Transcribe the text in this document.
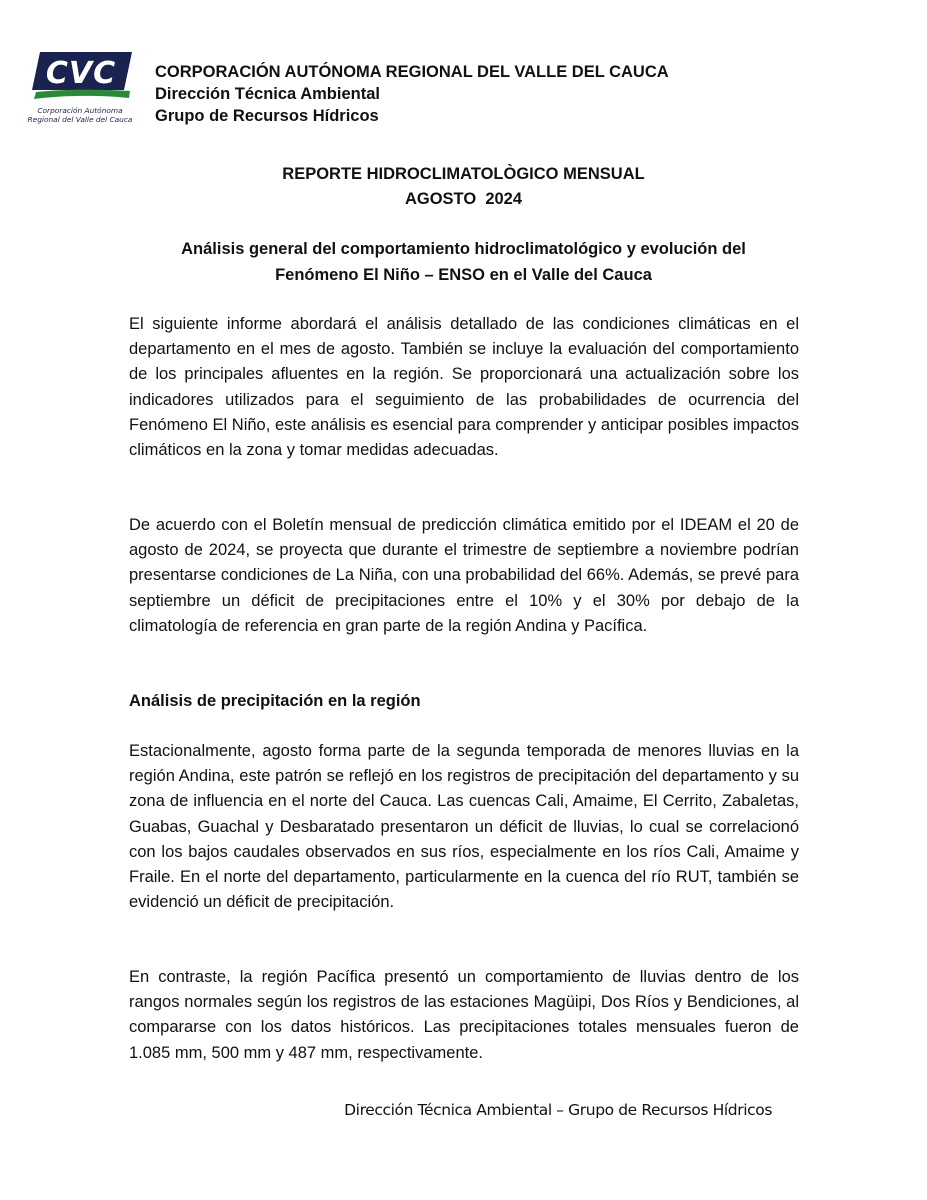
CVC
Corporación Autónoma
Regional del Valle del Cauca
CORPORACIÓN AUTÓNOMA REGIONAL DEL VALLE DEL CAUCA
Dirección Técnica Ambiental
Grupo de Recursos Hídricos
REPORTE HIDROCLIMATOLÒGICO MENSUAL
AGOSTO  2024
Análisis general del comportamiento hidroclimatológico y evolución del
Fenómeno El Niño – ENSO en el Valle del Cauca

El siguiente informe abordará el análisis detallado de las condiciones climáticas en el departamento en el mes de agosto. También se incluye la evaluación del comportamiento de los principales afluentes en la región. Se proporcionará una actualización sobre los indicadores utilizados para el seguimiento de las probabilidades de ocurrencia del Fenómeno El Niño, este análisis es esencial para comprender y anticipar posibles impactos climáticos en la zona y tomar medidas adecuadas.

De acuerdo con el Boletín mensual de predicción climática emitido por el IDEAM el 20 de agosto de 2024, se proyecta que durante el trimestre de septiembre a noviembre podrían presentarse condiciones de La Niña, con una probabilidad del 66%. Además, se prevé para septiembre un déficit de precipitaciones entre el 10% y el 30% por debajo de la climatología de referencia en gran parte de la región Andina y Pacífica.

Análisis de precipitación en la región

Estacionalmente, agosto forma parte de la segunda temporada de menores lluvias en la región Andina, este patrón se reflejó en los registros de precipitación del departamento y su zona de influencia en el norte del Cauca. Las cuencas Cali, Amaime, El Cerrito, Zabaletas, Guabas, Guachal y Desbaratado presentaron un déficit de lluvias, lo cual se correlacionó con los bajos caudales observados en sus ríos, especialmente en los ríos Cali, Amaime y Fraile. En el norte del departamento, particularmente en la cuenca del río RUT, también se evidenció un déficit de precipitación.

En contraste, la región Pacífica presentó un comportamiento de lluvias dentro de los rangos normales según los registros de las estaciones Magüipi, Dos Ríos y Bendiciones, al compararse con los datos históricos. Las precipitaciones totales mensuales fueron de 1.085 mm, 500 mm y 487 mm, respectivamente.

Dirección Técnica Ambiental – Grupo de Recursos Hídricos
